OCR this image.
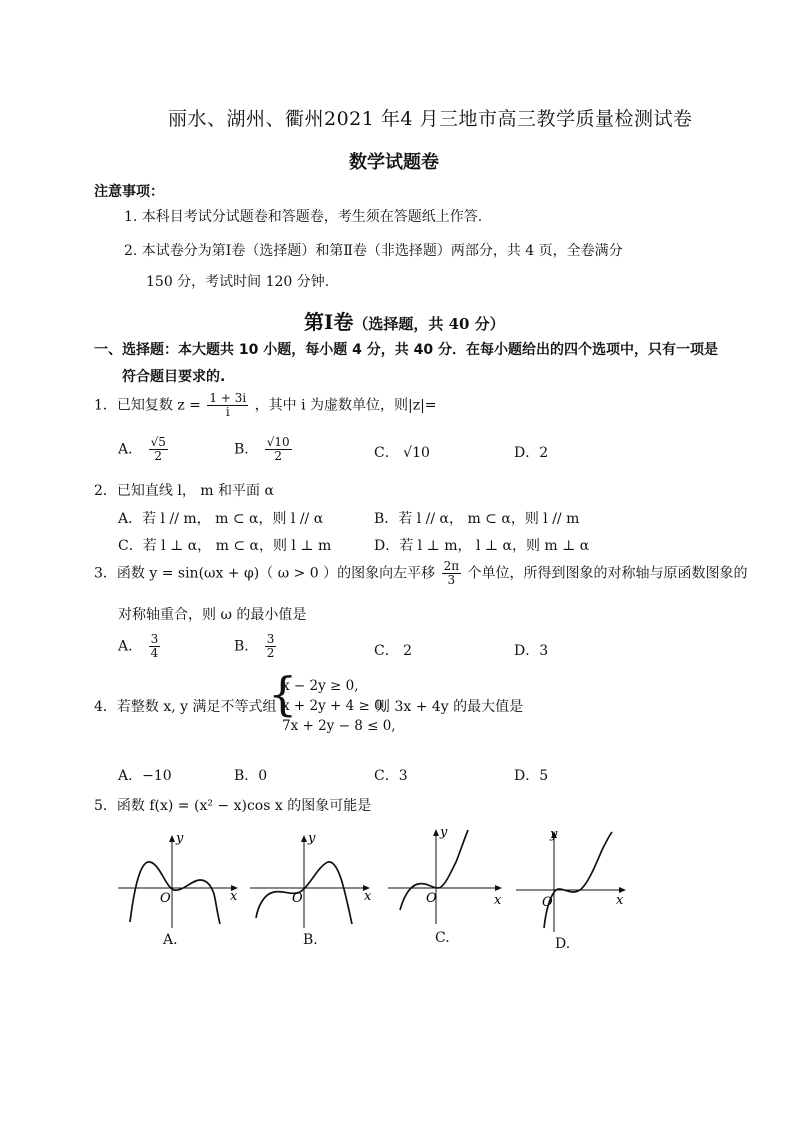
丽水、湖州、衢州2021 年4 月三地市高三教学质量检测试卷
数学试题卷
注意事项：
1. 本科目考试分试题卷和答题卷，考生须在答题纸上作答.
2. 本试卷分为第Ⅰ卷（选择题）和第Ⅱ卷（非选择题）两部分，共 4 页，全卷满分
150 分，考试时间 120 分钟.
第Ⅰ卷（选择题，共 40 分）
一、选择题：本大题共 10 小题，每小题 4 分，共 40 分．在每小题给出的四个选项中，只有一项是
符合题目要求的.
1．已知复数 $z = \frac{1 + 3i}{i}$ ，其中 i 为虚数单位，则|z|=
A． $\frac{√5}{2}$	B． $\frac{√10}{2}$	C． √10	D．2
2．已知直线 l， m 和平面 α
A．若 l // m， m ⊂ α，则 l // α	B．若 l // α， m ⊂ α，则 l // m
C．若 l ⊥ α， m ⊂ α，则 l ⊥ m	D．若 l ⊥ m， l ⊥ α，则 m ⊥ α
3．函数 y = sin(ωx + φ)（ ω > 0 ）的图象向左平移 $\frac{2\pi}{3}$ 个单位，所得到图象的对称轴与原函数图象的
对称轴重合，则 ω 的最小值是
A． $\frac{3}{4}$	B． $\frac{3}{2}$	C． 2	D．3
4．若整数 x, y 满足不等式组
{
x − 2y ≥ 0,
x + 2y + 4 ≥ 0,
7x + 2y − 8 ≤ 0,
则 3x + 4y 的最大值是
A．−10	B．0	C．3	D．5
5．函数 f(x) = (x² − x)cos x 的图象可能是
y
x
O
A.
y
x
O
B.
y
x
O
C.
y
x
O
D.
